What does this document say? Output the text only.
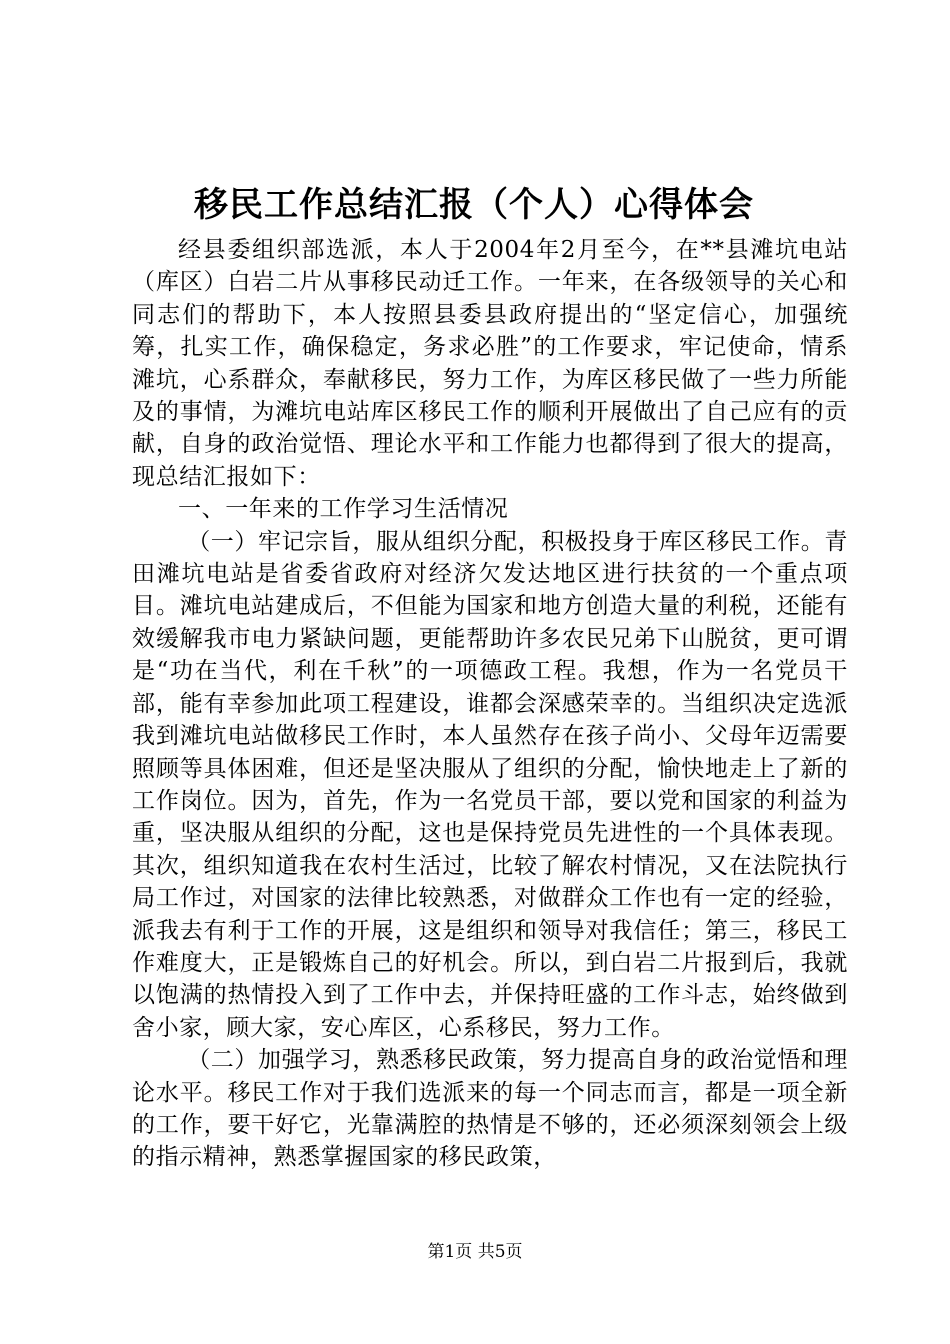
移民工作总结汇报（个人）心得体会

经县委组织部选派，本人于2004年2月至今，在**县滩坑电站（库区）白岩二片从事移民动迁工作。一年来，在各级领导的关心和同志们的帮助下，本人按照县委县政府提出的“坚定信心，加强统筹，扎实工作，确保稳定，务求必胜”的工作要求，牢记使命，情系滩坑，心系群众，奉献移民，努力工作，为库区移民做了一些力所能及的事情，为滩坑电站库区移民工作的顺利开展做出了自己应有的贡献，自身的政治觉悟、理论水平和工作能力也都得到了很大的提高，现总结汇报如下：

一、一年来的工作学习生活情况

（一）牢记宗旨，服从组织分配，积极投身于库区移民工作。青田滩坑电站是省委省政府对经济欠发达地区进行扶贫的一个重点项目。滩坑电站建成后，不但能为国家和地方创造大量的利税，还能有效缓解我市电力紧缺问题，更能帮助许多农民兄弟下山脱贫，更可谓是“功在当代，利在千秋”的一项德政工程。我想，作为一名党员干部，能有幸参加此项工程建设，谁都会深感荣幸的。当组织决定选派我到滩坑电站做移民工作时，本人虽然存在孩子尚小、父母年迈需要照顾等具体困难，但还是坚决服从了组织的分配，愉快地走上了新的工作岗位。因为，首先，作为一名党员干部，要以党和国家的利益为重，坚决服从组织的分配，这也是保持党员先进性的一个具体表现。其次，组织知道我在农村生活过，比较了解农村情况，又在法院执行局工作过，对国家的法律比较熟悉，对做群众工作也有一定的经验，派我去有利于工作的开展，这是组织和领导对我信任；第三，移民工作难度大，正是锻炼自己的好机会。所以，到白岩二片报到后，我就以饱满的热情投入到了工作中去，并保持旺盛的工作斗志，始终做到舍小家，顾大家，安心库区，心系移民，努力工作。

（二）加强学习，熟悉移民政策，努力提高自身的政治觉悟和理论水平。移民工作对于我们选派来的每一个同志而言，都是一项全新的工作，要干好它，光靠满腔的热情是不够的，还必须深刻领会上级的指示精神，熟悉掌握国家的移民政策，

第1页 共5页
